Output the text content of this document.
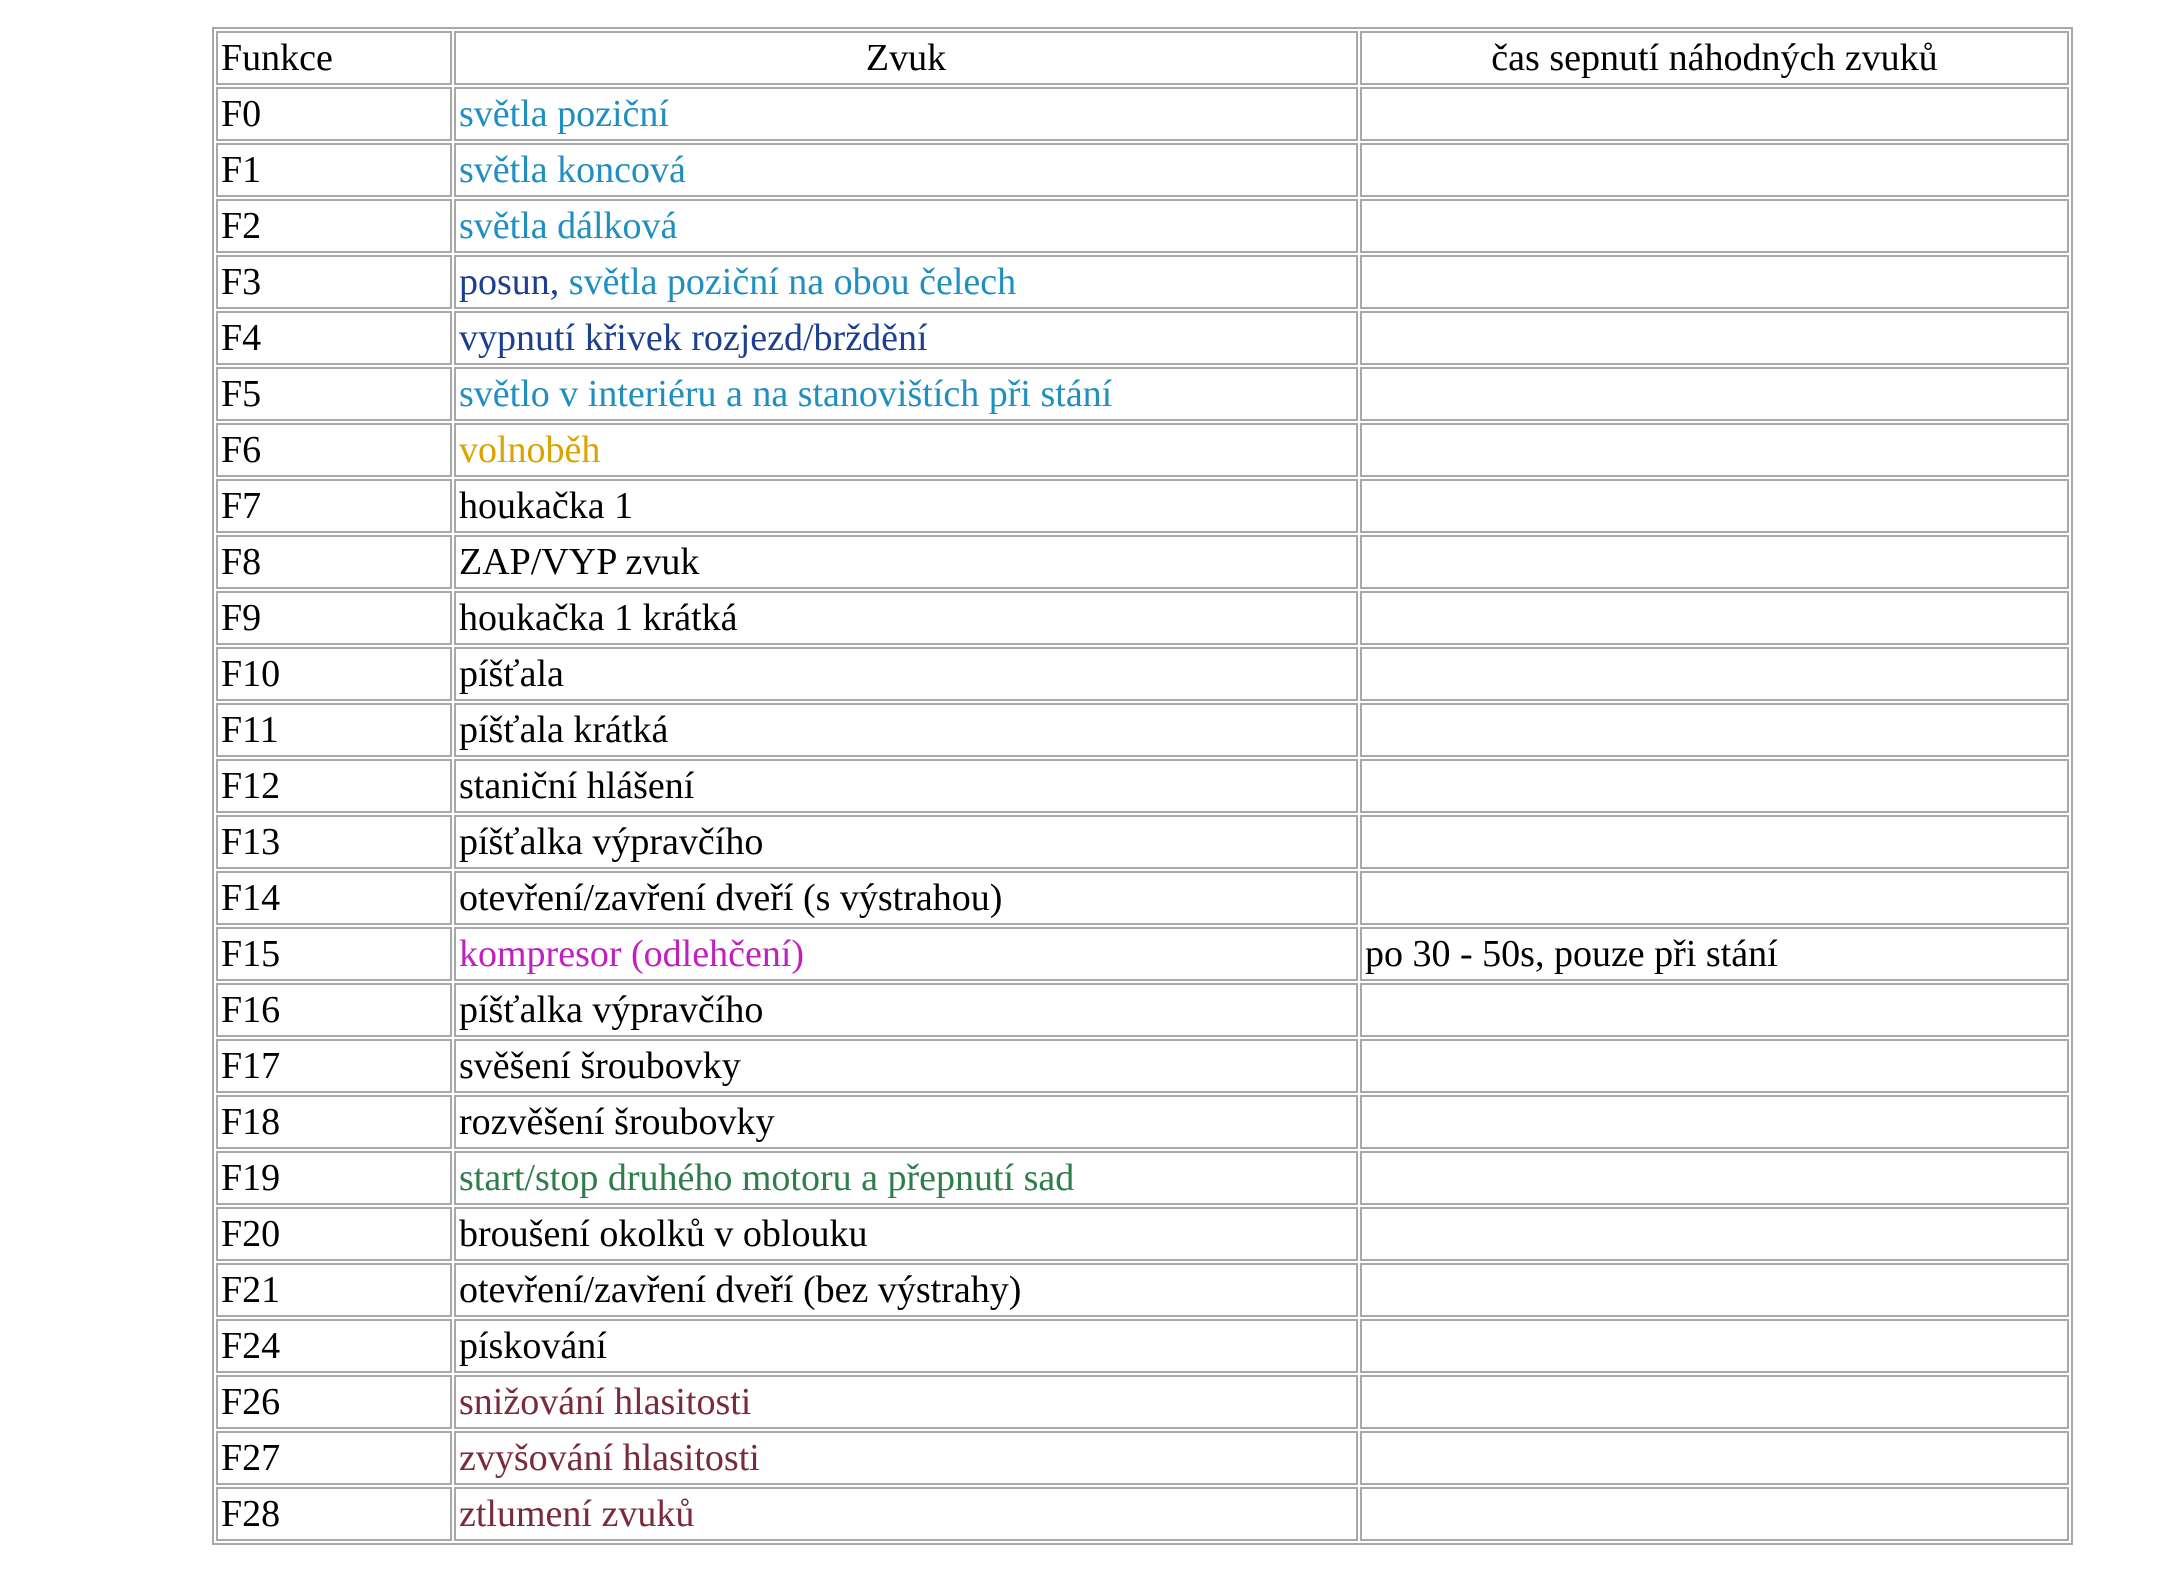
Funkce	Zvuk	čas sepnutí náhodných zvuků
F0	světla poziční	
F1	světla koncová	
F2	světla dálková	
F3	posun, světla poziční na obou čelech	
F4	vypnutí křivek rozjezd/brždění	
F5	světlo v interiéru a na stanovištích při stání	
F6	volnoběh	
F7	houkačka 1	
F8	ZAP/VYP zvuk	
F9	houkačka 1 krátká	
F10	píšťala	
F11	píšťala krátká	
F12	staniční hlášení	
F13	píšťalka výpravčího	
F14	otevření/zavření dveří (s výstrahou)	
F15	kompresor (odlehčení)	po 30 - 50s, pouze při stání
F16	píšťalka výpravčího	
F17	svěšení šroubovky	
F18	rozvěšení šroubovky	
F19	start/stop druhého motoru a přepnutí sad	
F20	broušení okolků v oblouku	
F21	otevření/zavření dveří (bez výstrahy)	
F24	pískování	
F26	snižování hlasitosti	
F27	zvyšování hlasitosti	
F28	ztlumení zvuků	
